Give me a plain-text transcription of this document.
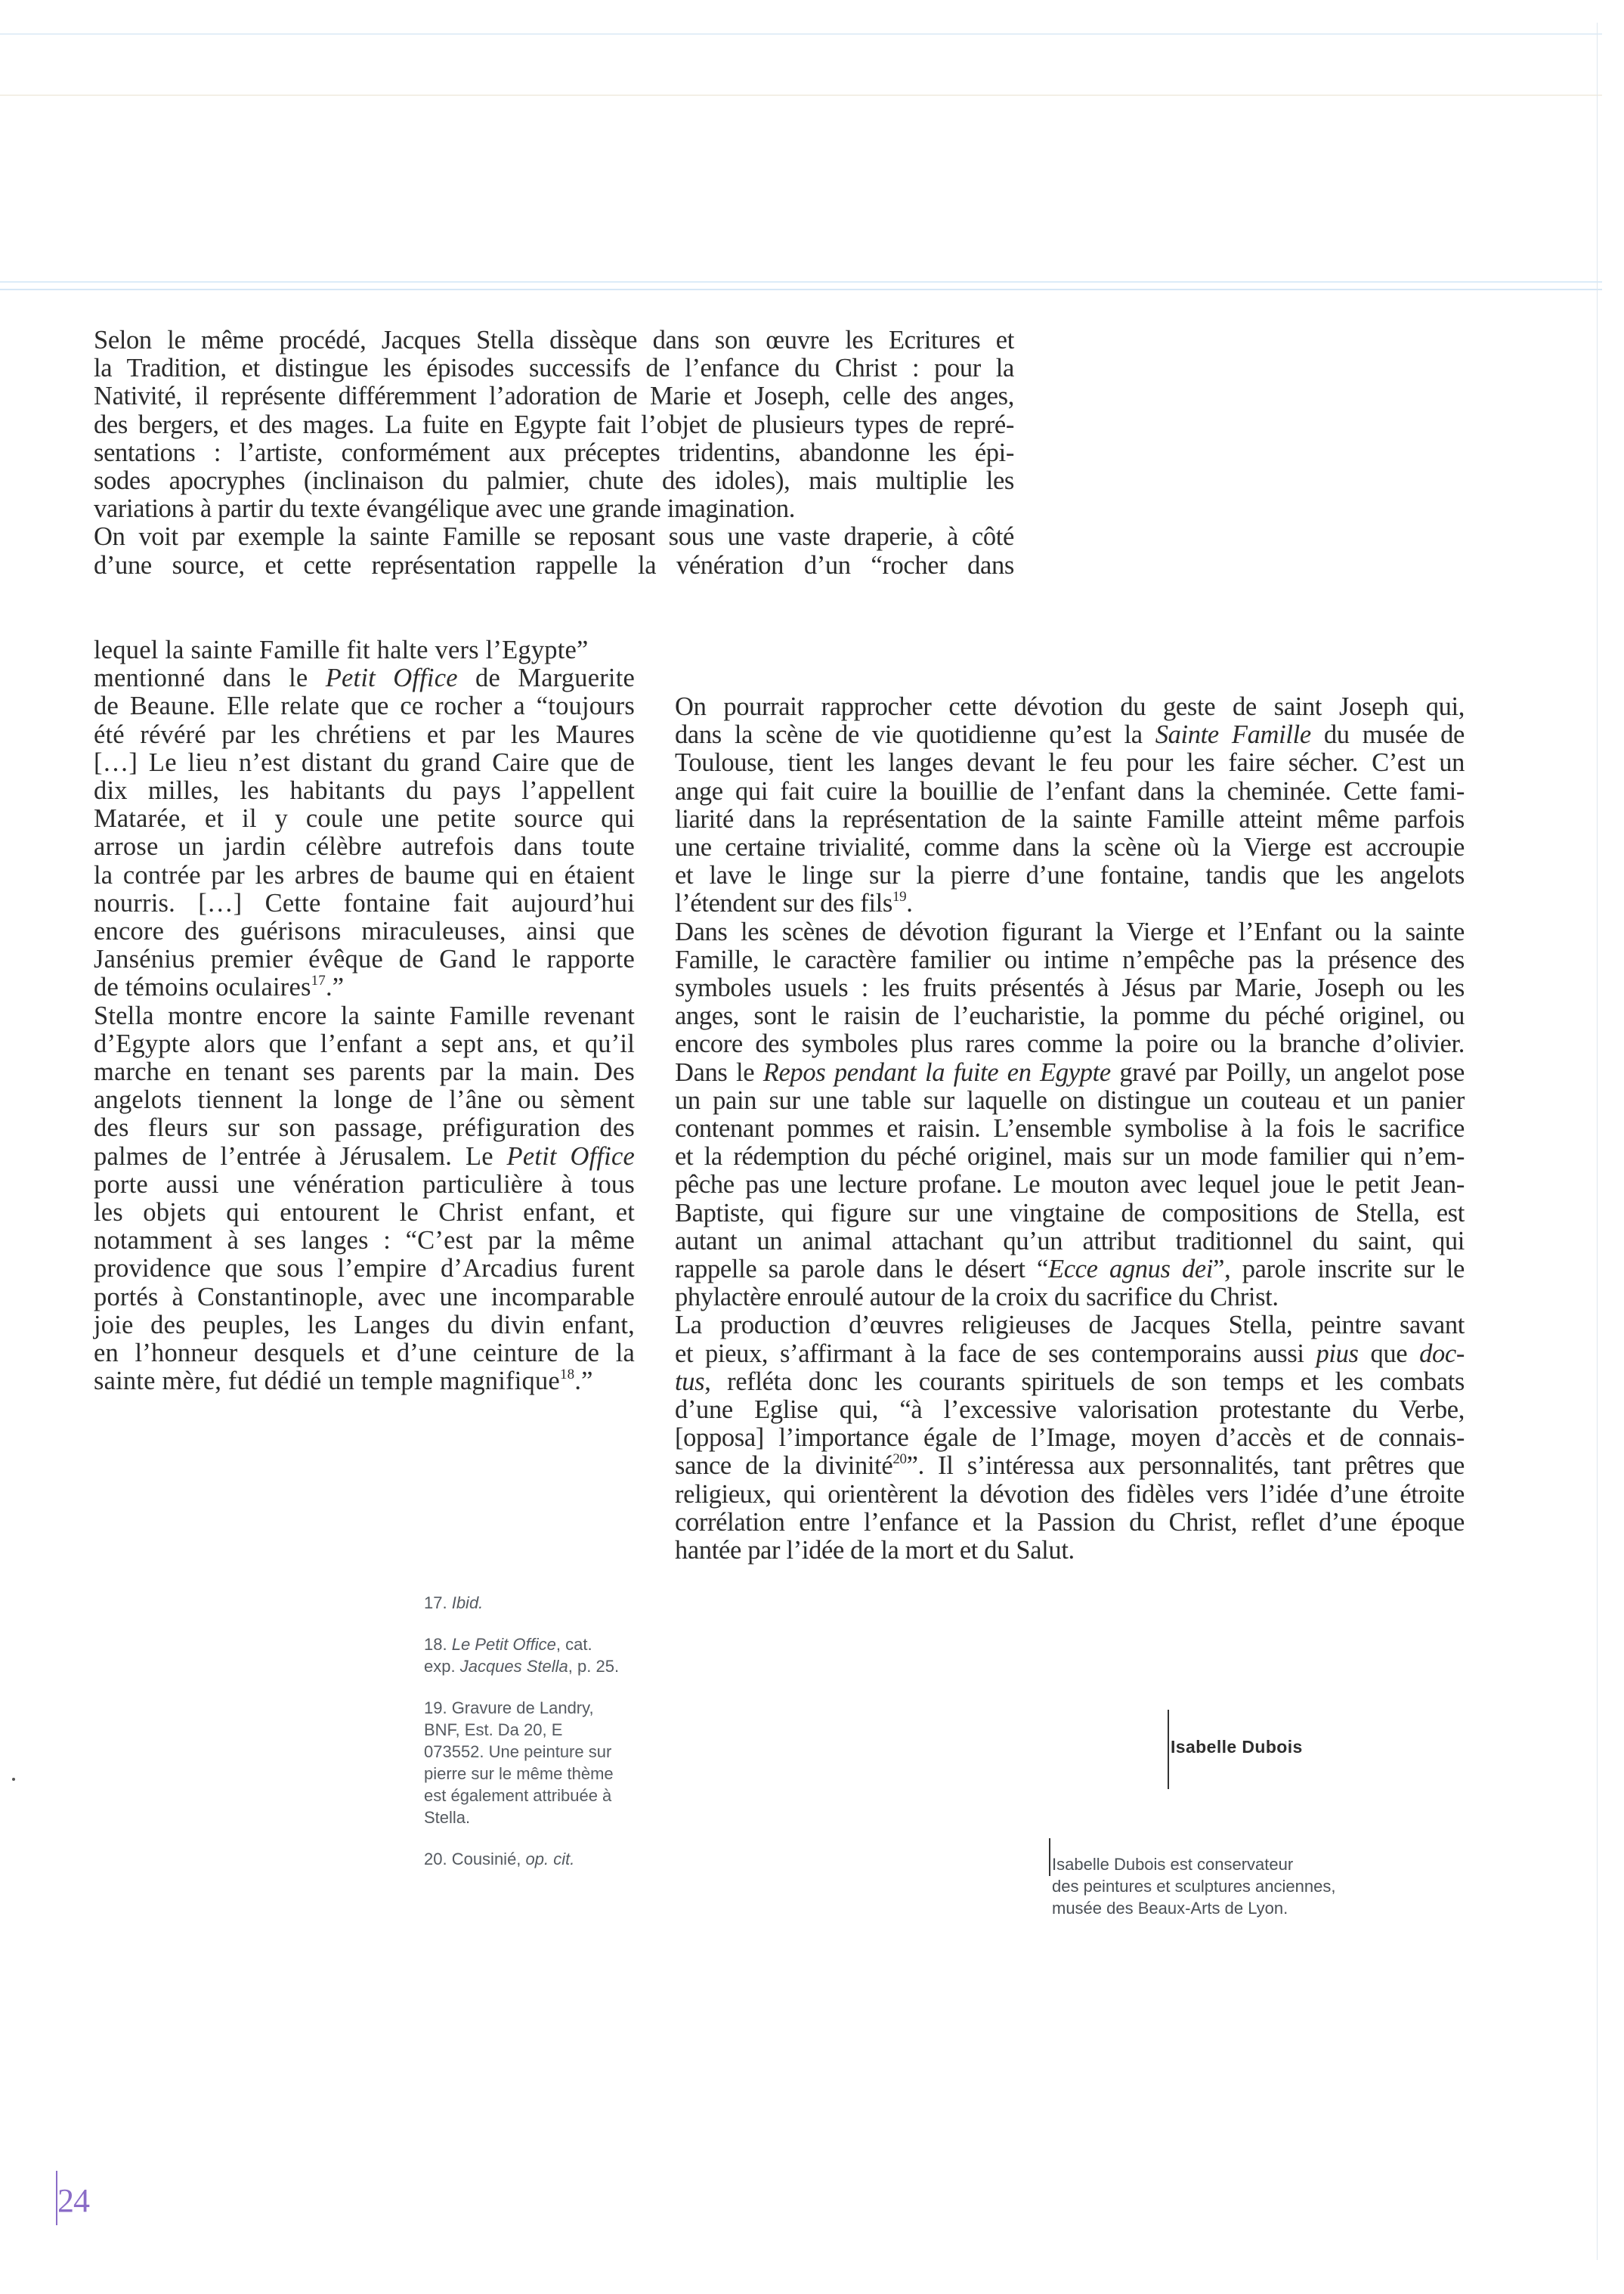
Selon le même procédé, Jacques Stella dissèque dans son œuvre les Ecritures et
la Tradition, et distingue les épisodes successifs de l’enfance du Christ : pour la
Nativité, il représente différemment l’adoration de Marie et Joseph, celle des anges,
des bergers, et des mages. La fuite en Egypte fait l’objet de plusieurs types de repré-
sentations : l’artiste, conformément aux préceptes tridentins, abandonne les épi-
sodes apocryphes (inclinaison du palmier, chute des idoles), mais multiplie les
variations à partir du texte évangélique avec une grande imagination.
On voit par exemple la sainte Famille se reposant sous une vaste draperie, à côté
d’une source, et cette représentation rappelle la vénération d’un “rocher dans
lequel la sainte Famille fit halte vers l’Egypte”
mentionné dans le Petit Office de Marguerite
de Beaune. Elle relate que ce rocher a “toujours
été révéré par les chrétiens et par les Maures
[…] Le lieu n’est distant du grand Caire que de
dix milles, les habitants du pays l’appellent
Matarée, et il y coule une petite source qui
arrose un jardin célèbre autrefois dans toute
la contrée par les arbres de baume qui en étaient
nourris. […] Cette fontaine fait aujourd’hui
encore des guérisons miraculeuses, ainsi que
Jansénius premier évêque de Gand le rapporte
de témoins oculaires$^{17}$.”
Stella montre encore la sainte Famille revenant
d’Egypte alors que l’enfant a sept ans, et qu’il
marche en tenant ses parents par la main. Des
angelots tiennent la longe de l’âne ou sèment
des fleurs sur son passage, préfiguration des
palmes de l’entrée à Jérusalem. Le Petit Office
porte aussi une vénération particulière à tous
les objets qui entourent le Christ enfant, et
notamment à ses langes : “C’est par la même
providence que sous l’empire d’Arcadius furent
portés à Constantinople, avec une incomparable
joie des peuples, les Langes du divin enfant,
en l’honneur desquels et d’une ceinture de la
sainte mère, fut dédié un temple magnifique$^{18}$.”
On pourrait rapprocher cette dévotion du geste de saint Joseph qui,
dans la scène de vie quotidienne qu’est la Sainte Famille du musée de
Toulouse, tient les langes devant le feu pour les faire sécher. C’est un
ange qui fait cuire la bouillie de l’enfant dans la cheminée. Cette fami-
liarité dans la représentation de la sainte Famille atteint même parfois
une certaine trivialité, comme dans la scène où la Vierge est accroupie
et lave le linge sur la pierre d’une fontaine, tandis que les angelots
l’étendent sur des fils$^{19}$.
Dans les scènes de dévotion figurant la Vierge et l’Enfant ou la sainte
Famille, le caractère familier ou intime n’empêche pas la présence des
symboles usuels : les fruits présentés à Jésus par Marie, Joseph ou les
anges, sont le raisin de l’eucharistie, la pomme du péché originel, ou
encore des symboles plus rares comme la poire ou la branche d’olivier.
Dans le Repos pendant la fuite en Egypte gravé par Poilly, un angelot pose
un pain sur une table sur laquelle on distingue un couteau et un panier
contenant pommes et raisin. L’ensemble symbolise à la fois le sacrifice
et la rédemption du péché originel, mais sur un mode familier qui n’em-
pêche pas une lecture profane. Le mouton avec lequel joue le petit Jean-
Baptiste, qui figure sur une vingtaine de compositions de Stella, est
autant un animal attachant qu’un attribut traditionnel du saint, qui
rappelle sa parole dans le désert “Ecce agnus dei”, parole inscrite sur le
phylactère enroulé autour de la croix du sacrifice du Christ.
La production d’œuvres religieuses de Jacques Stella, peintre savant
et pieux, s’affirmant à la face de ses contemporains aussi pius que doc-
tus, refléta donc les courants spirituels de son temps et les combats
d’une Eglise qui, “à l’excessive valorisation protestante du Verbe,
[opposa] l’importance égale de l’Image, moyen d’accès et de connais-
sance de la divinité$^{20}$”. Il s’intéressa aux personnalités, tant prêtres que
religieux, qui orientèrent la dévotion des fidèles vers l’idée d’une étroite
corrélation entre l’enfance et la Passion du Christ, reflet d’une époque
hantée par l’idée de la mort et du Salut.

17. Ibid.

18. Le Petit Office, cat. exp. Jacques Stella, p. 25.

19. Gravure de Landry, BNF, Est. Da 20, E 073552. Une peinture sur pierre sur le même thème est également attribuée à Stella.

20. Cousinié, op. cit.

Isabelle Dubois
Isabelle Dubois est conservateur
des peintures et sculptures anciennes,
musée des Beaux-Arts de Lyon.
24
